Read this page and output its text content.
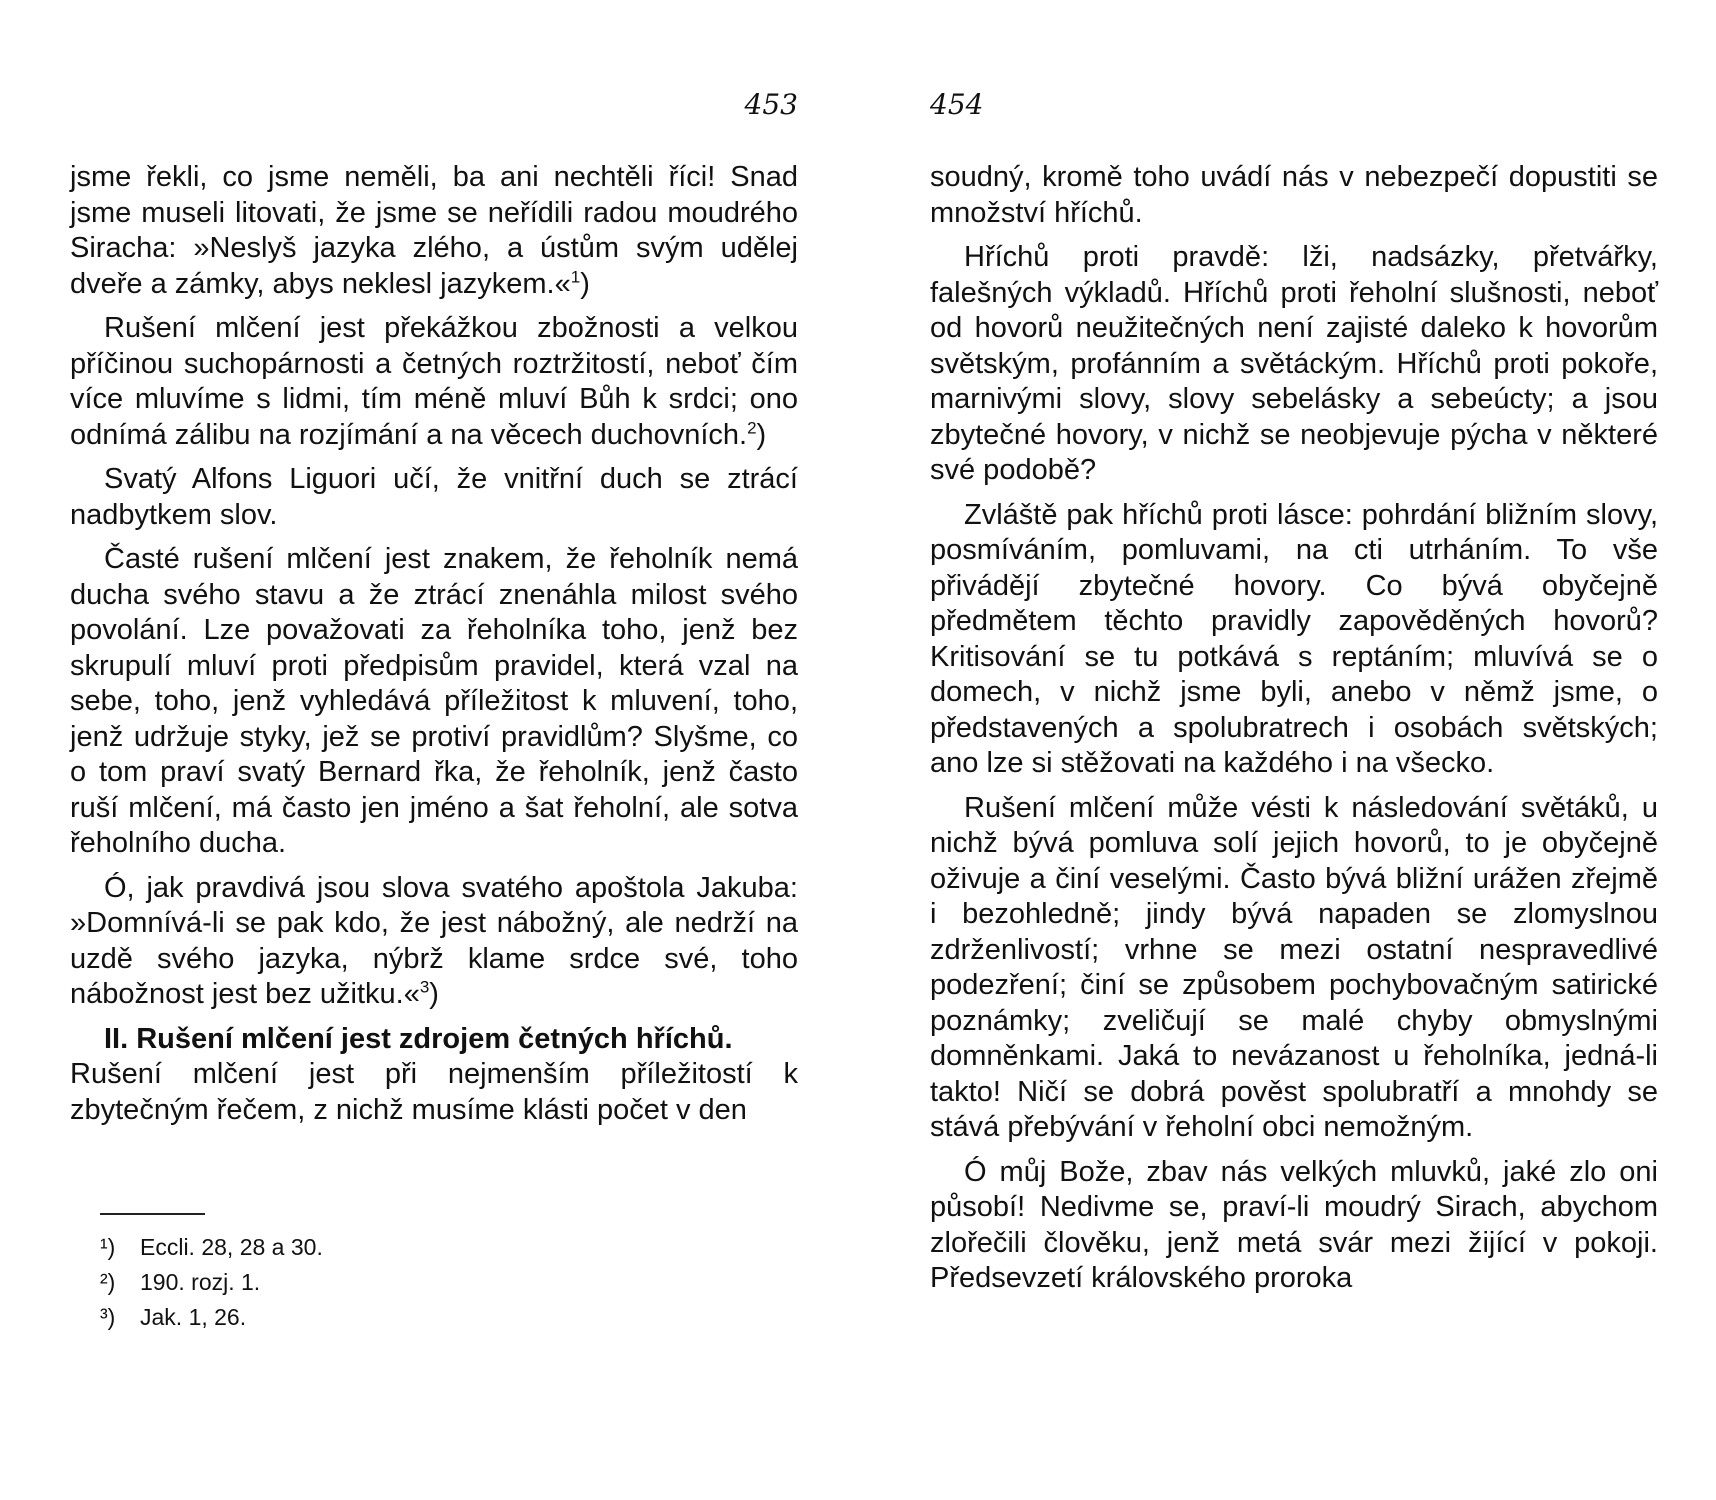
453

jsme řekli, co jsme neměli, ba ani nechtěli říci! Snad jsme museli litovati, že jsme se neřídili radou moudrého Siracha: »Neslyš jazyka zlého, a ústům svým udělej dveře a zámky, abys neklesl jazykem.«$^1$)

Rušení mlčení jest překážkou zbožnosti a velkou příčinou suchopárnosti a četných roztržitostí, neboť čím více mluvíme s lidmi, tím méně mluví Bůh k srdci; ono odnímá zálibu na rozjímání a na věcech duchovních.$^2$)

Svatý Alfons Liguori učí, že vnitřní duch se ztrácí nadbytkem slov.

Časté rušení mlčení jest znakem, že řeholník nemá ducha svého stavu a že ztrácí znenáhla milost svého povolání. Lze považovati za řeholníka toho, jenž bez skrupulí mluví proti předpisům pravidel, která vzal na sebe, toho, jenž vyhledává příležitost k mluvení, toho, jenž udržuje styky, jež se protiví pravidlům? Slyšme, co o tom praví svatý Bernard řka, že řeholník, jenž často ruší mlčení, má často jen jméno a šat řeholní, ale sotva řeholního ducha.

Ó, jak pravdivá jsou slova svatého apoštola Jakuba: »Domnívá-li se pak kdo, že jest nábožný, ale nedrží na uzdě svého jazyka, nýbrž klame srdce své, toho nábožnost jest bez užitku.«$^3$)

II. Rušení mlčení jest zdrojem četných hříchů.
Rušení mlčení jest při nejmenším příležitostí k zbytečným řečem, z nichž musíme klásti počet v den

¹) Eccli. 28, 28 a 30.
²) 190. rozj. 1.
³) Jak. 1, 26.
454

soudný, kromě toho uvádí nás v nebezpečí dopustiti se množství hříchů.

Hříchů proti pravdě: lži, nadsázky, přetvářky, falešných výkladů. Hříchů proti řeholní slušnosti, neboť od hovorů neužitečných není zajisté daleko k hovorům světským, profánním a světáckým. Hříchů proti pokoře, marnivými slovy, slovy sebelásky a sebeúcty; a jsou zbytečné hovory, v nichž se neobjevuje pýcha v některé své podobě?

Zvláště pak hříchů proti lásce: pohrdání bližním slovy, posmíváním, pomluvami, na cti utrháním. To vše přivádějí zbytečné hovory. Co bývá obyčejně předmětem těchto pravidly zapověděných hovorů? Kritisování se tu potkává s reptáním; mluvívá se o domech, v nichž jsme byli, anebo v němž jsme, o představených a spolubratrech i osobách světských; ano lze si stěžovati na každého i na všecko.

Rušení mlčení může vésti k následování světáků, u nichž bývá pomluva solí jejich hovorů, to je obyčejně oživuje a činí veselými. Často bývá bližní urážen zřejmě i bezohledně; jindy bývá napaden se zlomyslnou zdrženlivostí; vrhne se mezi ostatní nespravedlivé podezření; činí se způsobem pochybovačným satirické poznámky; zveličují se malé chyby obmyslnými domněnkami. Jaká to nevázanost u řeholníka, jedná-li takto! Ničí se dobrá pověst spolubratří a mnohdy se stává přebývání v řeholní obci nemožným.

Ó můj Bože, zbav nás velkých mluvků, jaké zlo oni působí! Nedivme se, praví-li moudrý Sirach, abychom zlořečili člověku, jenž metá svár mezi žijící v pokoji. Předsevzetí královského proroka
